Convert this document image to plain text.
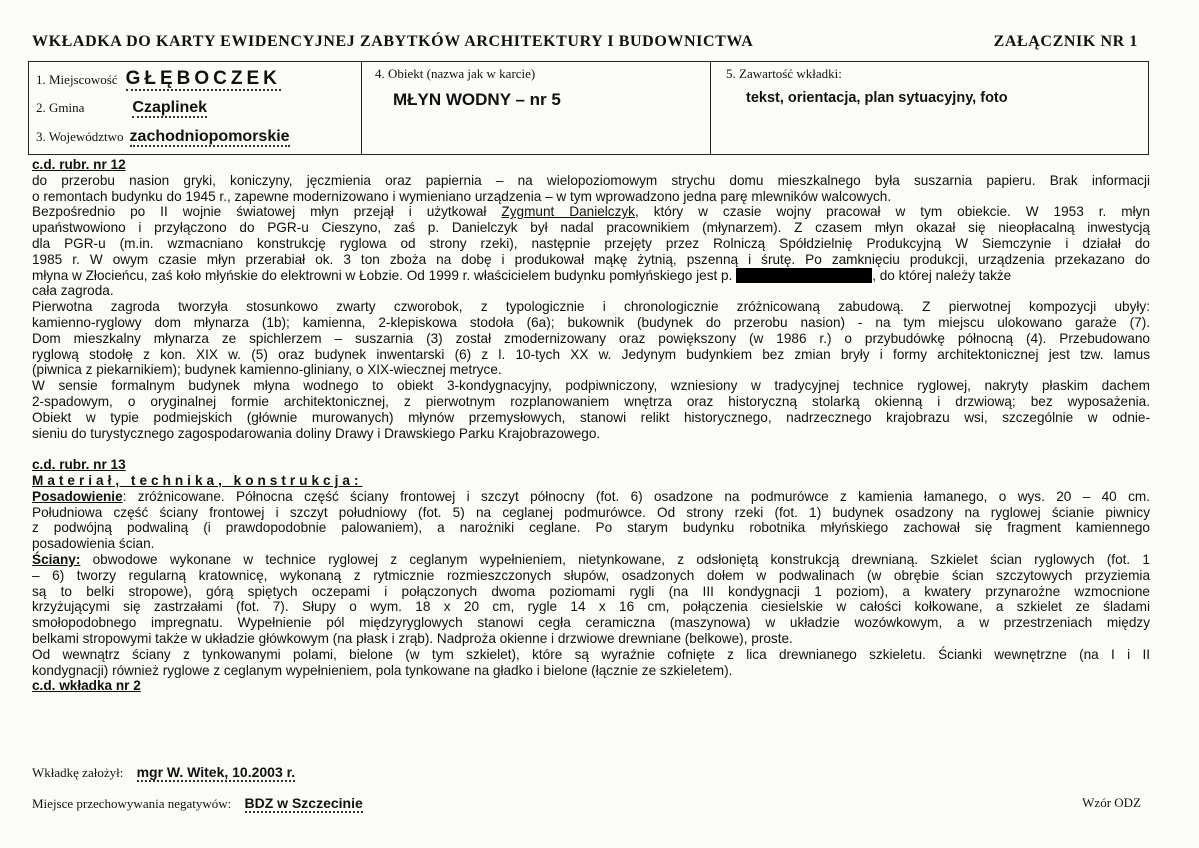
WKŁADKA DO KARTY EWIDENCYJNEJ ZABYTKÓW ARCHITEKTURY I BUDOWNICTWA	ZAŁĄCZNIK NR 1
1. Miejscowość GŁĘBOCZEK
2. Gmina	Czaplinek
3. Województwo zachodniopomorskie
4. Obiekt (nazwa jak w karcie)
MŁYN WODNY – nr 5
5. Zawartość wkładki:
tekst, orientacja, plan sytuacyjny, foto
c.d. rubr. nr 12
do przerobu nasion gryki, koniczyny, jęczmienia oraz papiernia – na wielopoziomowym strychu domu mieszkalnego była suszarnia papieru. Brak informacji
o remontach budynku do 1945 r., zapewne modernizowano i wymieniano urządzenia – w tym wprowadzono jedna parę mlewników walcowych.
Bezpośrednio po II wojnie światowej młyn przejął i użytkował Zygmunt Danielczyk, który w czasie wojny pracował w tym obiekcie. W 1953 r. młyn
upaństwowiono i przyłączono do PGR-u Cieszyno, zaś p. Danielczyk był nadal pracownikiem (młynarzem). Z czasem młyn okazał się nieopłacalną inwestycją
dla PGR-u (m.in. wzmacniano konstrukcję ryglowa od strony rzeki), następnie przejęty przez Rolniczą Spółdzielnię Produkcyjną W Siemczynie i działał do
1985 r. W owym czasie młyn przerabiał ok. 3 ton zboża na dobę i produkował mąkę żytnią, pszenną i śrutę. Po zamknięciu produkcji, urządzenia przekazano do
młyna w Złocieńcu, zaś koło młyńskie do elektrowni w Łobzie. Od 1999 r. właścicielem budynku pomłyńskiego jest p.	, do której należy także
cała zagroda.
Pierwotna zagroda tworzyła stosunkowo zwarty czworobok, z typologicznie i chronologicznie zróżnicowaną zabudową. Z pierwotnej kompozycji ubyły:
kamienno-ryglowy dom młynarza (1b); kamienna, 2-klepiskowa stodoła (6a); bukownik (budynek do przerobu nasion) - na tym miejscu ulokowano garaże (7).
Dom mieszkalny młynarza ze spichlerzem – suszarnia (3) został zmodernizowany oraz powiększony (w 1986 r.) o przybudówkę północną (4). Przebudowano
ryglową stodołę z kon. XIX w. (5) oraz budynek inwentarski (6) z l. 10-tych XX w. Jedynym budynkiem bez zmian bryły i formy architektonicznej jest tzw. lamus
(piwnica z piekarnikiem); budynek kamienno-gliniany, o XIX-wiecznej metryce.
W sensie formalnym budynek młyna wodnego to obiekt 3-kondygnacyjny, podpiwniczony, wzniesiony w tradycyjnej technice ryglowej, nakryty płaskim dachem
2-spadowym, o oryginalnej formie architektonicznej, z pierwotnym rozplanowaniem wnętrza oraz historyczną stolarką okienną i drzwiową; bez wyposażenia.
Obiekt w typie podmiejskich (głównie murowanych) młynów przemysłowych, stanowi relikt historycznego, nadrzecznego krajobrazu wsi, szczególnie w odnie-
sieniu do turystycznego zagospodarowania doliny Drawy i Drawskiego Parku Krajobrazowego.
c.d. rubr. nr 13
Materiał, technika, konstrukcja:
Posadowienie: zróżnicowane. Północna część ściany frontowej i szczyt północny (fot. 6) osadzone na podmurówce z kamienia łamanego, o wys. 20 – 40 cm.
Południowa część ściany frontowej i szczyt południowy (fot. 5) na ceglanej podmurówce. Od strony rzeki (fot. 1) budynek osadzony na ryglowej ścianie piwnicy
z podwójną podwaliną (i prawdopodobnie palowaniem), a narożniki ceglane. Po starym budynku robotnika młyńskiego zachował się fragment kamiennego
posadowienia ścian.
Ściany: obwodowe wykonane w technice ryglowej z ceglanym wypełnieniem, nietynkowane, z odsłoniętą konstrukcją drewnianą. Szkielet ścian ryglowych (fot. 1
– 6) tworzy regularną kratownicę, wykonaną z rytmicznie rozmieszczonych słupów, osadzonych dołem w podwalinach (w obrębie ścian szczytowych przyziemia
są to belki stropowe), górą spiętych oczepami i połączonych dwoma poziomami rygli (na III kondygnacji 1 poziom), a kwatery przynarożne wzmocnione
krzyżującymi się zastrzałami (fot. 7). Słupy o wym. 18 x 20 cm, rygle 14 x 16 cm, połączenia ciesielskie w całości kołkowane, a szkielet ze śladami
smołopodobnego impregnatu. Wypełnienie pól międzyryglowych stanowi cegła ceramiczna (maszynowa) w układzie wozówkowym, a w przestrzeniach między
belkami stropowymi także w układzie główkowym (na płask i zrąb). Nadproża okienne i drzwiowe drewniane (belkowe), proste.
Od wewnątrz ściany z tynkowanymi polami, bielone (w tym szkielet), które są wyraźnie cofnięte z lica drewnianego szkieletu. Ścianki wewnętrzne (na I i II
kondygnacji) również ryglowe z ceglanym wypełnieniem, pola tynkowane na gładko i bielone (łącznie ze szkieletem).
c.d. wkładka nr 2
Wkładkę założył: mgr W. Witek, 10.2003 r.
Miejsce przechowywania negatywów: BDZ w Szczecinie	Wzór ODZ
